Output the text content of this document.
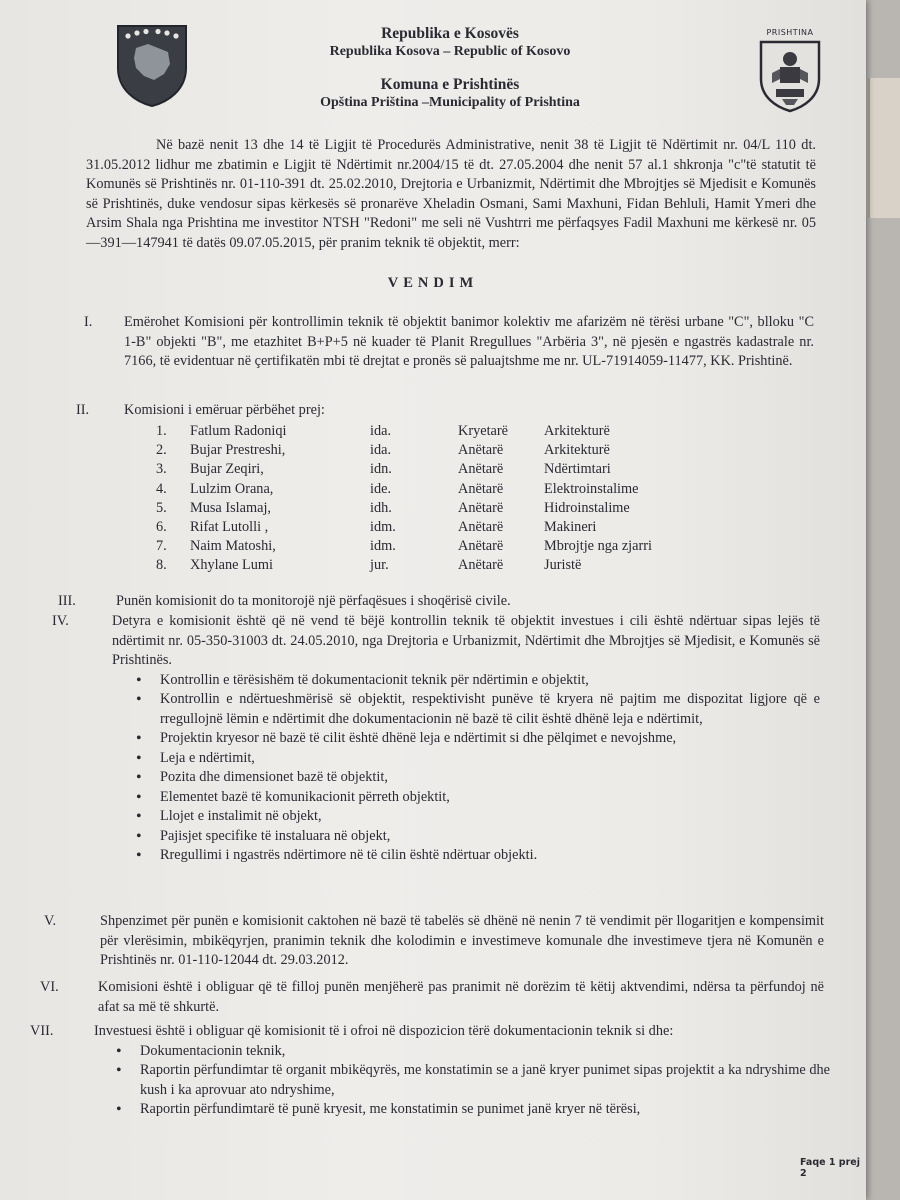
PRISHTINA
Republika e Kosovës
Republika Kosova – Republic of Kosovo
Komuna e Prishtinës
Opština Priština –Municipality of Prishtina
Në bazë nenit 13 dhe 14 të Ligjit të Procedurës Administrative, nenit 38 të Ligjit të Ndërtimit nr. 04/L 110 dt. 31.05.2012 lidhur me zbatimin e Ligjit të Ndërtimit nr.2004/15 të dt. 27.05.2004 dhe nenit 57 al.1 shkronja "c"të statutit të Komunës së Prishtinës nr. 01-110-391 dt. 25.02.2010, Drejtoria e Urbanizmit, Ndërtimit dhe Mbrojtjes së Mjedisit e Komunës së Prishtinës, duke vendosur sipas kërkesës së pronarëve Xheladin Osmani, Sami Maxhuni, Fidan Behluli, Hamit Ymeri dhe Arsim Shala nga Prishtina me investitor NTSH "Redoni" me seli në Vushtrri me përfaqsyes Fadil Maxhuni me kërkesë nr. 05—391—147941 të datës 09.07.05.2015, për pranim teknik të objektit, merr:
VENDIM
I. Emërohet Komisioni për kontrollimin teknik të objektit banimor kolektiv me afarizëm në tërësi urbane "C", blloku "C 1-B" objekti "B", me etazhitet B+P+5 në kuader të Planit Rregullues "Arbëria 3", në pjesën e ngastrës kadastrale nr. 7166, të evidentuar në çertifikatën mbi të drejtat e pronës së paluajtshme me nr. UL-71914059-11477, KK. Prishtinë.
II. Komisioni i emëruar përbëhet prej:
1. Fatlum Radoniqi	ida.	Kryetarë	Arkitekturë
2. Bujar Prestreshi,	ida.	Anëtarë	Arkitekturë
3. Bujar Zeqiri,	idn.	Anëtarë	Ndërtimtari
4. Lulzim Orana,	ide.	Anëtarë	Elektroinstalime
5. Musa Islamaj,	idh.	Anëtarë	Hidroinstalime
6. Rifat Lutolli ,	idm.	Anëtarë	Makineri
7. Naim Matoshi,	idm.	Anëtarë	Mbrojtje nga zjarri
8. Xhylane Lumi	jur.	Anëtarë	Juristë
III.	Punën komisionit do ta monitorojë një përfaqësues i shoqërisë civile.
IV.	Detyra e komisionit është që në vend të bëjë kontrollin teknik të objektit investues i cili është ndërtuar sipas lejës të ndërtimit nr. 05-350-31003 dt. 24.05.2010, nga Drejtoria e Urbanizmit, Ndërtimit dhe Mbrojtjes së Mjedisit, e Komunës së Prishtinës.
• Kontrollin e tërësishëm të dokumentacionit teknik për ndërtimin e objektit,
• Kontrollin e ndërtueshmërisë së objektit, respektivisht punëve të kryera në pajtim me dispozitat ligjore që e rregullojnë lëmin e ndërtimit dhe dokumentacionin në bazë të cilit është dhënë leja e ndërtimit,
• Projektin kryesor në bazë të cilit është dhënë leja e ndërtimit si dhe pëlqimet e nevojshme,
• Leja e ndërtimit,
• Pozita dhe dimensionet bazë të objektit,
• Elementet bazë të komunikacionit përreth objektit,
• Llojet e instalimit në objekt,
• Pajisjet specifike të instaluara në objekt,
• Rregullimi i ngastrës ndërtimore në të cilin është ndërtuar objekti.
V.	Shpenzimet për punën e komisionit caktohen në bazë të tabelës së dhënë në nenin 7 të vendimit për llogaritjen e kompensimit për vlerësimin, mbikëqyrjen, pranimin teknik dhe kolodimin e investimeve komunale dhe investimeve tjera në Komunën e Prishtinës nr. 01-110-12044 dt. 29.03.2012.
VI.	Komisioni është i obliguar që të filloj punën menjëherë pas pranimit në dorëzim të këtij aktvendimi, ndërsa ta përfundoj në afat sa më të shkurtë.
VII.	Investuesi është i obliguar që komisionit të i ofroi në dispozicion tërë dokumentacionin teknik si dhe:
• Dokumentacionin teknik,
• Raportin përfundimtar të organit mbikëqyrës, me konstatimin se a janë kryer punimet sipas projektit a ka ndryshime dhe kush i ka aprovuar ato ndryshime,
• Raportin përfundimtarë të punë kryesit, me konstatimin se punimet janë kryer në tërësi,
Faqe 1 prej 2
